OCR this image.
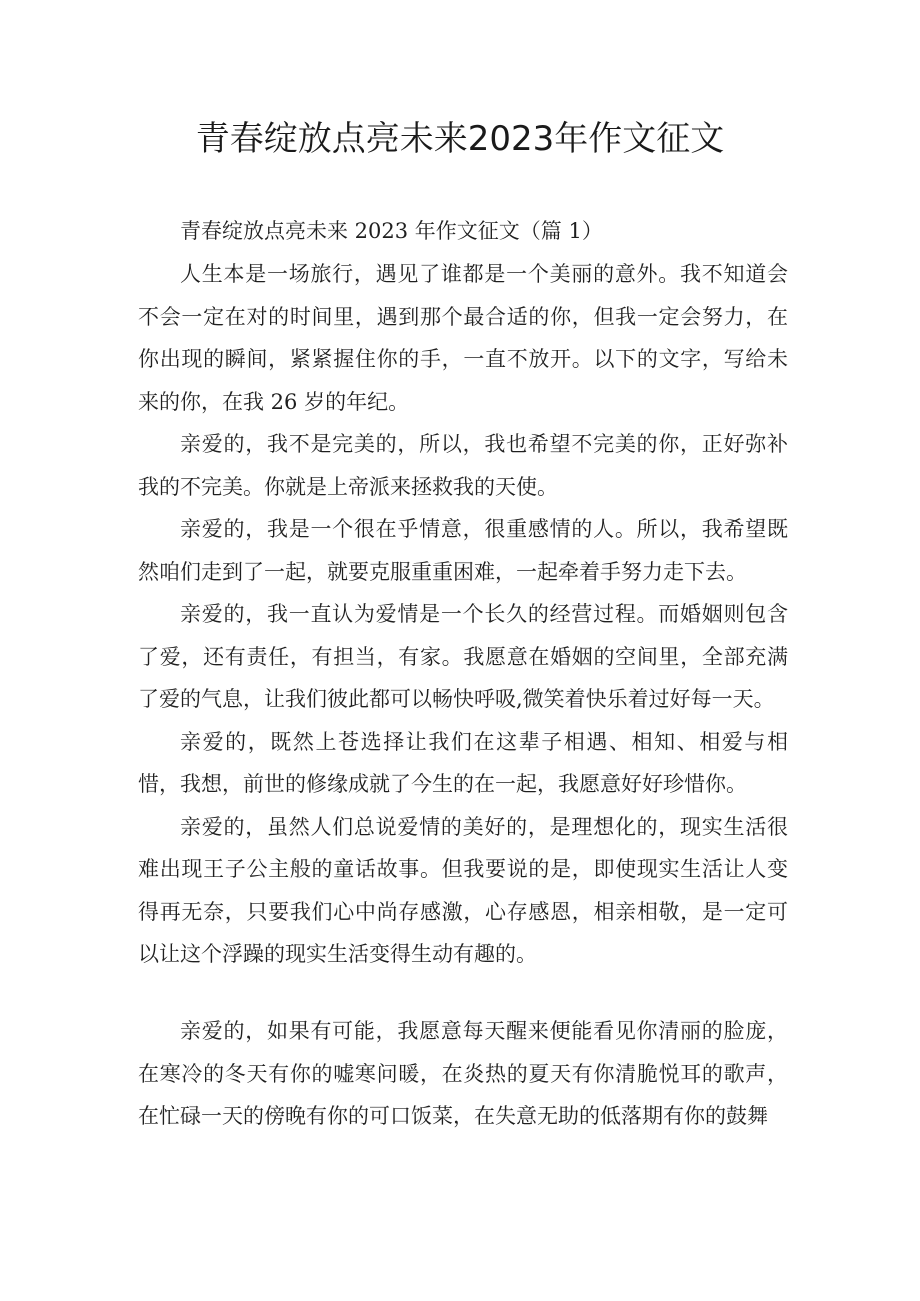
青春绽放点亮未来2023年作文征文

青春绽放点亮未来 2023 年作文征文（篇 1）

人生本是一场旅行，遇见了谁都是一个美丽的意外。我不知道会不会一定在对的时间里，遇到那个最合适的你，但我一定会努力，在你出现的瞬间，紧紧握住你的手，一直不放开。以下的文字，写给未来的你，在我 26 岁的年纪。

亲爱的，我不是完美的，所以，我也希望不完美的你，正好弥补我的不完美。你就是上帝派来拯救我的天使。

亲爱的，我是一个很在乎情意，很重感情的人。所以，我希望既然咱们走到了一起，就要克服重重困难，一起牵着手努力走下去。

亲爱的，我一直认为爱情是一个长久的经营过程。而婚姻则包含了爱，还有责任，有担当，有家。我愿意在婚姻的空间里，全部充满了爱的气息，让我们彼此都可以畅快呼吸,微笑着快乐着过好每一天。

亲爱的，既然上苍选择让我们在这辈子相遇、相知、相爱与相惜，我想，前世的修缘成就了今生的在一起，我愿意好好珍惜你。

亲爱的，虽然人们总说爱情的美好的，是理想化的，现实生活很难出现王子公主般的童话故事。但我要说的是，即使现实生活让人变得再无奈，只要我们心中尚存感激，心存感恩，相亲相敬，是一定可以让这个浮躁的现实生活变得生动有趣的。

亲爱的，如果有可能，我愿意每天醒来便能看见你清丽的脸庞，在寒冷的冬天有你的嘘寒问暖，在炎热的夏天有你清脆悦耳的歌声，在忙碌一天的傍晚有你的可口饭菜，在失意无助的低落期有你的鼓舞
